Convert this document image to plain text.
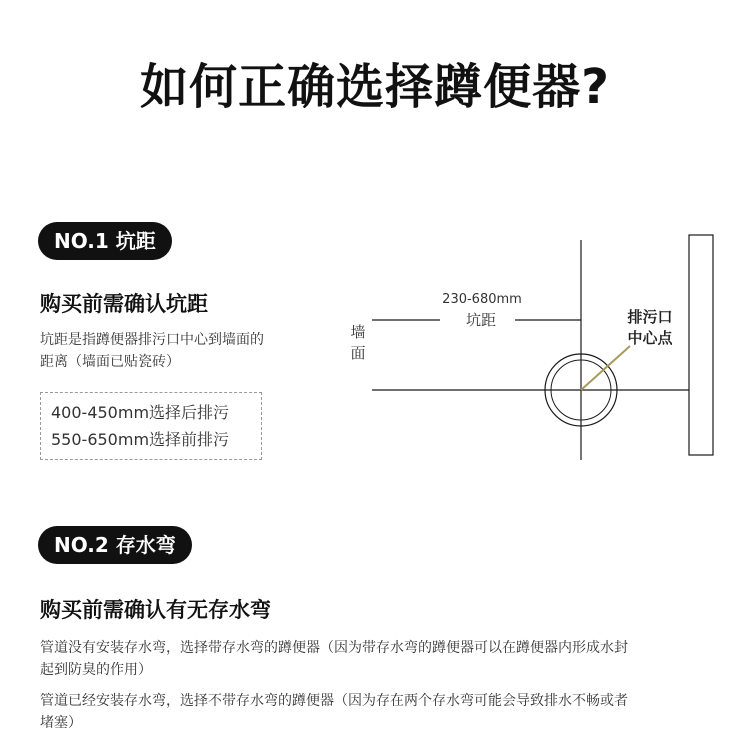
如何正确选择蹲便器?
NO.1 坑距
购买前需确认坑距
坑距是指蹲便器排污口中心到墙面的
距离（墙面已贴瓷砖）
400-450mm选择后排污
550-650mm选择前排污
230-680mm
坑距
墙
面
排污口
中心点
NO.2 存水弯
购买前需确认有无存水弯
管道没有安装存水弯，选择带存水弯的蹲便器（因为带存水弯的蹲便器可以在蹲便器内形成水封
起到防臭的作用）
管道已经安装存水弯，选择不带存水弯的蹲便器（因为存在两个存水弯可能会导致排水不畅或者
堵塞）
